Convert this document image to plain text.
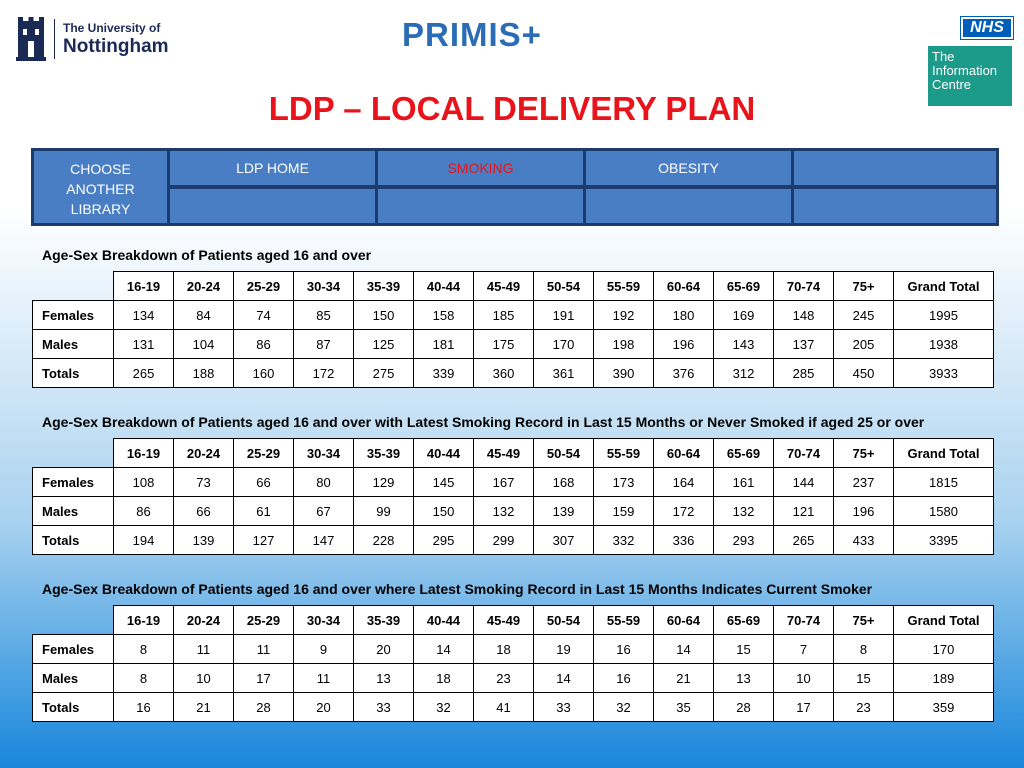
The University of
Nottingham	PRIMIS+	NHS
The
Information
Centre
for health and social care
LDP – LOCAL DELIVERY PLAN
CHOOSE
ANOTHER
LIBRARY
LDP HOME	SMOKING	OBESITY
Age-Sex Breakdown of Patients aged 16 and over
Age-Sex Breakdown of Patients aged 16 and over with Latest Smoking Record in Last 15 Months or Never Smoked if aged 25 or over
Age-Sex Breakdown of Patients aged 16 and over where Latest Smoking Record in Last 15 Months Indicates Current Smoker
	16-19	20-24	25-29	30-34	35-39	40-44	45-49	50-54	55-59	60-64	65-69	70-74	75+	Grand Total
Females	134	84	74	85	150	158	185	191	192	180	169	148	245	1995
Males	131	104	86	87	125	181	175	170	198	196	143	137	205	1938
Totals	265	188	160	172	275	339	360	361	390	376	312	285	450	3933
	16-19	20-24	25-29	30-34	35-39	40-44	45-49	50-54	55-59	60-64	65-69	70-74	75+	Grand Total
Females	108	73	66	80	129	145	167	168	173	164	161	144	237	1815
Males	86	66	61	67	99	150	132	139	159	172	132	121	196	1580
Totals	194	139	127	147	228	295	299	307	332	336	293	265	433	3395
	16-19	20-24	25-29	30-34	35-39	40-44	45-49	50-54	55-59	60-64	65-69	70-74	75+	Grand Total
Females	8	11	11	9	20	14	18	19	16	14	15	7	8	170
Males	8	10	17	11	13	18	23	14	16	21	13	10	15	189
Totals	16	21	28	20	33	32	41	33	32	35	28	17	23	359
